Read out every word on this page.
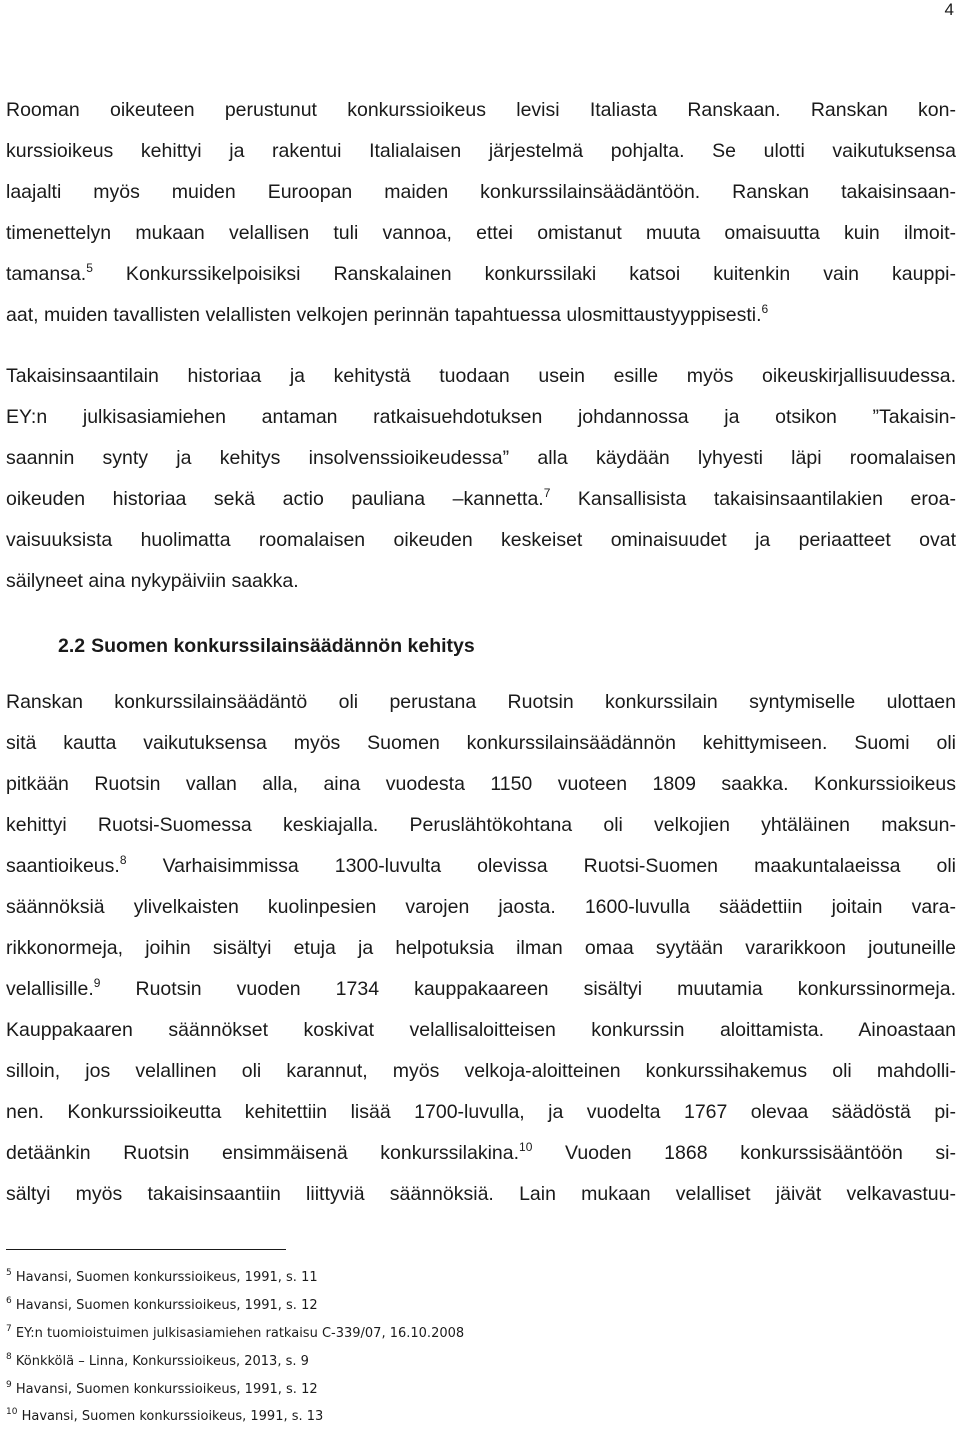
4
Rooman oikeuteen perustunut konkurssioikeus levisi Italiasta Ranskaan. Ranskan kon-
kurssioikeus kehittyi ja rakentui Italialaisen järjestelmä pohjalta. Se ulotti vaikutuksensa
laajalti myös muiden Euroopan maiden konkurssilainsäädäntöön. Ranskan takaisinsaan-
timenettelyn mukaan velallisen tuli vannoa, ettei omistanut muuta omaisuutta kuin ilmoit-
tamansa.$^5$ Konkurssikelpoisiksi Ranskalainen konkurssilaki katsoi kuitenkin vain kauppi-
aat, muiden tavallisten velallisten velkojen perinnän tapahtuessa ulosmittaustyyppisesti.$^6$
Takaisinsaantilain historiaa ja kehitystä tuodaan usein esille myös oikeuskirjallisuudessa.
EY:n julkisasiamiehen antaman ratkaisuehdotuksen johdannossa ja otsikon ”Takaisin-
saannin synty ja kehitys insolvenssioikeudessa” alla käydään lyhyesti läpi roomalaisen
oikeuden historiaa sekä actio pauliana –kannetta.$^7$ Kansallisista takaisinsaantilakien eroa-
vaisuuksista huolimatta roomalaisen oikeuden keskeiset ominaisuudet ja periaatteet ovat
säilyneet aina nykypäiviin saakka.
2.2 Suomen konkurssilainsäädännön kehitys
Ranskan konkurssilainsäädäntö oli perustana Ruotsin konkurssilain syntymiselle ulottaen
sitä kautta vaikutuksensa myös Suomen konkurssilainsäädännön kehittymiseen. Suomi oli
pitkään Ruotsin vallan alla, aina vuodesta 1150 vuoteen 1809 saakka. Konkurssioikeus
kehittyi Ruotsi-Suomessa keskiajalla. Peruslähtökohtana oli velkojien yhtäläinen maksun-
saantioikeus.$^8$ Varhaisimmissa 1300-luvulta olevissa Ruotsi-Suomen maakuntalaeissa oli
säännöksiä ylivelkaisten kuolinpesien varojen jaosta. 1600-luvulla säädettiin joitain vara-
rikkonormeja, joihin sisältyi etuja ja helpotuksia ilman omaa syytään vararikkoon joutuneille
velallisille.$^9$ Ruotsin vuoden 1734 kauppakaareen sisältyi muutamia konkurssinormeja.
Kauppakaaren säännökset koskivat velallisaloitteisen konkurssin aloittamista. Ainoastaan
silloin, jos velallinen oli karannut, myös velkoja-aloitteinen konkurssihakemus oli mahdolli-
nen. Konkurssioikeutta kehitettiin lisää 1700-luvulla, ja vuodelta 1767 olevaa säädöstä pi-
detäänkin Ruotsin ensimmäisenä konkurssilakina.$^{10}$ Vuoden 1868 konkurssisääntöön si-
sältyi myös takaisinsaantiin liittyviä säännöksiä. Lain mukaan velalliset jäivät velkavastuu-
$^5$ Havansi, Suomen konkurssioikeus, 1991, s. 11
$^6$ Havansi, Suomen konkurssioikeus, 1991, s. 12
$^7$ EY:n tuomioistuimen julkisasiamiehen ratkaisu C-339/07, 16.10.2008
$^8$ Könkkölä – Linna, Konkurssioikeus, 2013, s. 9
$^9$ Havansi, Suomen konkurssioikeus, 1991, s. 12
$^{10}$ Havansi, Suomen konkurssioikeus, 1991, s. 13
